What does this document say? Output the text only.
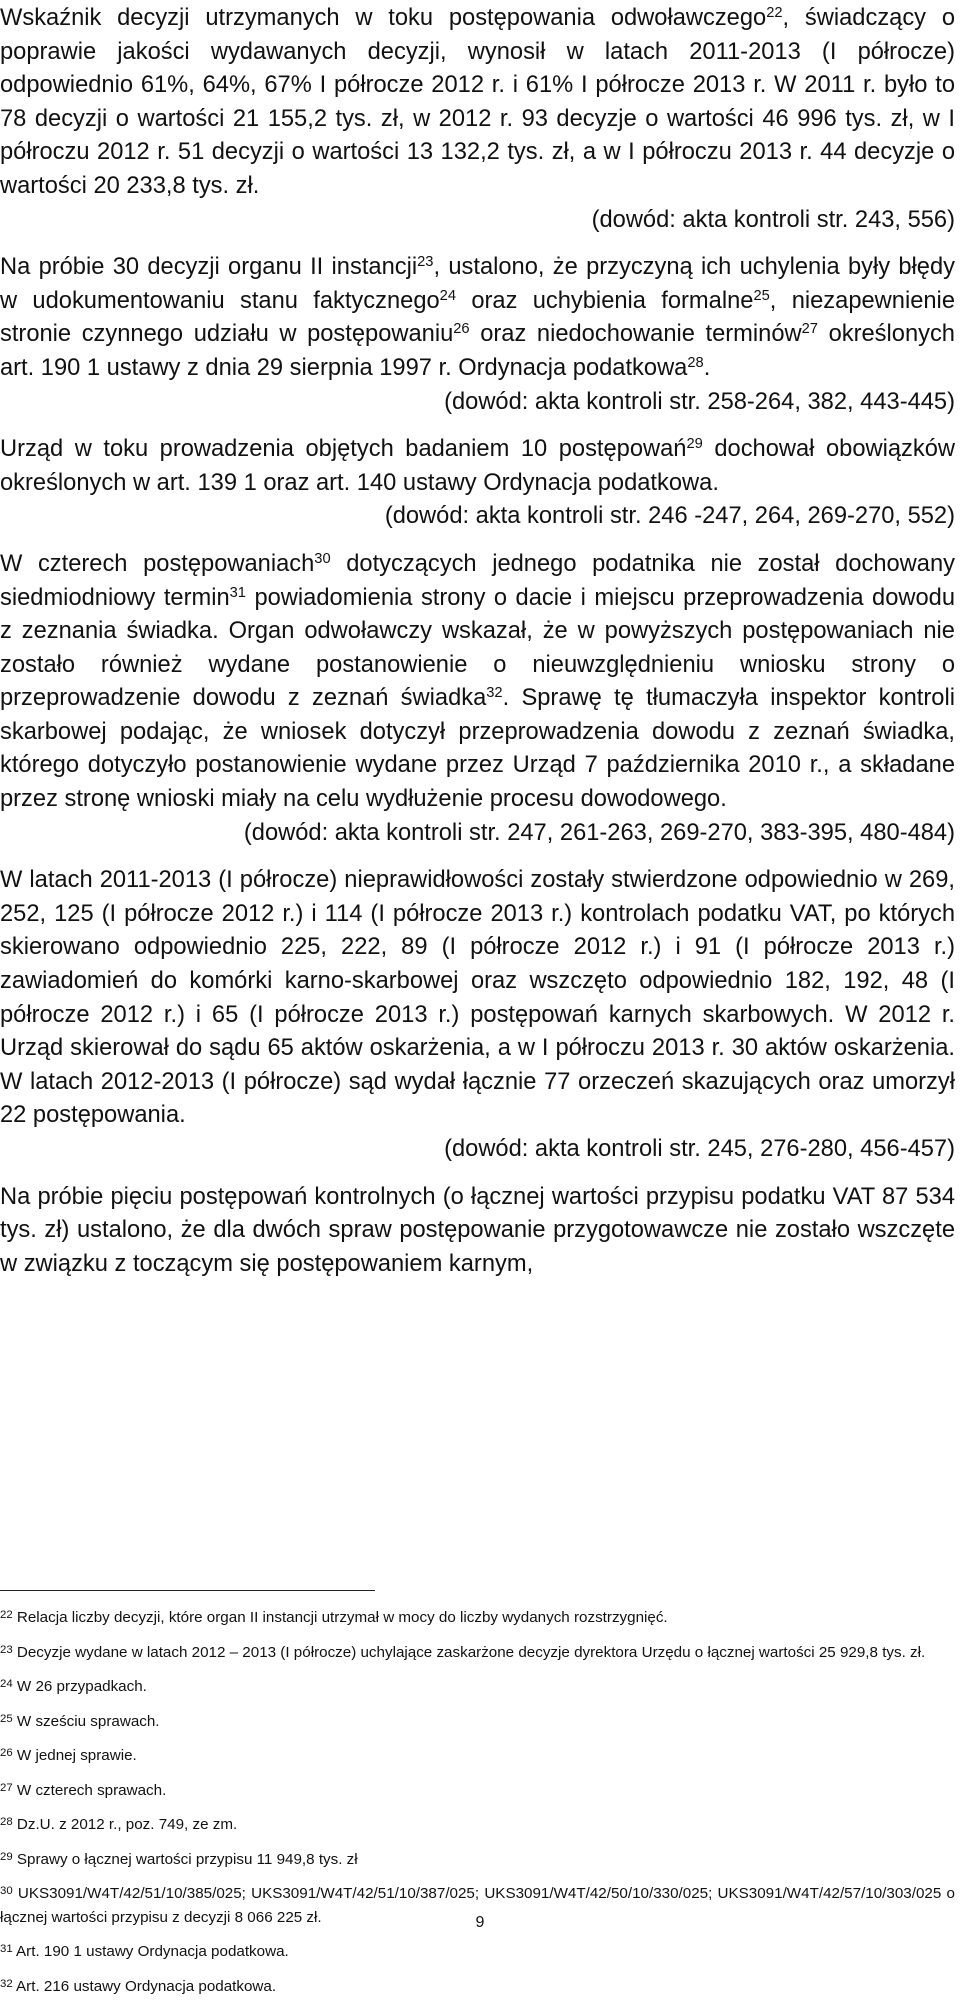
Wskaźnik decyzji utrzymanych w toku postępowania odwoławczego$^{22}$, świadczący o poprawie jakości wydawanych decyzji, wynosił w latach 2011-2013 (I półrocze) odpowiednio 61%, 64%, 67% I półrocze 2012 r. i 61% I półrocze 2013 r. W 2011 r. było to 78 decyzji o wartości 21 155,2 tys. zł, w 2012 r. 93 decyzje o wartości 46 996 tys. zł, w I półroczu 2012 r. 51 decyzji o wartości 13 132,2 tys. zł, a w I półroczu 2013 r. 44 decyzje o wartości 20 233,8 tys. zł.

(dowód: akta kontroli str. 243, 556)

Na próbie 30 decyzji organu II instancji$^{23}$, ustalono, że przyczyną ich uchylenia były błędy w udokumentowaniu stanu faktycznego$^{24}$ oraz uchybienia formalne$^{25}$, niezapewnienie stronie czynnego udziału w postępowaniu$^{26}$ oraz niedochowanie terminów$^{27}$ określonych art. 190 1 ustawy z dnia 29 sierpnia 1997 r. Ordynacja podatkowa$^{28}$.

(dowód: akta kontroli str. 258-264, 382, 443-445)

Urząd w toku prowadzenia objętych badaniem 10 postępowań$^{29}$ dochował obowiązków określonych w art. 139 1 oraz art. 140 ustawy Ordynacja podatkowa.

(dowód: akta kontroli str. 246 -247, 264, 269-270, 552)

W czterech postępowaniach$^{30}$ dotyczących jednego podatnika nie został dochowany siedmiodniowy termin$^{31}$ powiadomienia strony o dacie i miejscu przeprowadzenia dowodu z zeznania świadka. Organ odwoławczy wskazał, że w powyższych postępowaniach nie zostało również wydane postanowienie o nieuwzględnieniu wniosku strony o przeprowadzenie dowodu z zeznań świadka$^{32}$. Sprawę tę tłumaczyła inspektor kontroli skarbowej podając, że wniosek dotyczył przeprowadzenia dowodu z zeznań świadka, którego dotyczyło postanowienie wydane przez Urząd 7 października 2010 r., a składane przez stronę wnioski miały na celu wydłużenie procesu dowodowego.

(dowód: akta kontroli str. 247, 261-263, 269-270, 383-395, 480-484)

W latach 2011-2013 (I półrocze) nieprawidłowości zostały stwierdzone odpowiednio w 269, 252, 125 (I półrocze 2012 r.) i 114 (I półrocze 2013 r.) kontrolach podatku VAT, po których skierowano odpowiednio 225, 222, 89 (I półrocze 2012 r.) i 91 (I półrocze 2013 r.) zawiadomień do komórki karno-skarbowej oraz wszczęto odpowiednio 182, 192, 48 (I półrocze 2012 r.) i 65 (I półrocze 2013 r.) postępowań karnych skarbowych. W 2012 r. Urząd skierował do sądu 65 aktów oskarżenia, a w I półroczu 2013 r. 30 aktów oskarżenia. W latach 2012-2013 (I półrocze) sąd wydał łącznie 77 orzeczeń skazujących oraz umorzył 22 postępowania.

(dowód: akta kontroli str. 245, 276-280, 456-457)

Na próbie pięciu postępowań kontrolnych (o łącznej wartości przypisu podatku VAT 87 534 tys. zł) ustalono, że dla dwóch spraw postępowanie przygotowawcze nie zostało wszczęte w związku z toczącym się postępowaniem karnym,

$^{22}$ Relacja liczby decyzji, które organ II instancji utrzymał w mocy do liczby wydanych rozstrzygnięć.

$^{23}$ Decyzje wydane w latach 2012 – 2013 (I półrocze) uchylające zaskarżone decyzje dyrektora Urzędu o łącznej wartości 25 929,8 tys. zł.

$^{24}$ W 26 przypadkach.

$^{25}$ W sześciu sprawach.

$^{26}$ W jednej sprawie.

$^{27}$ W czterech sprawach.

$^{28}$ Dz.U. z 2012 r., poz. 749, ze zm.

$^{29}$ Sprawy o łącznej wartości przypisu 11 949,8 tys. zł

$^{30}$ UKS3091/W4T/42/51/10/385/025; UKS3091/W4T/42/51/10/387/025; UKS3091/W4T/42/50/10/330/025; UKS3091/W4T/42/57/10/303/025 o łącznej wartości przypisu z decyzji 8 066 225 zł.

$^{31}$ Art. 190 1 ustawy Ordynacja podatkowa.

$^{32}$ Art. 216 ustawy Ordynacja podatkowa.

9
